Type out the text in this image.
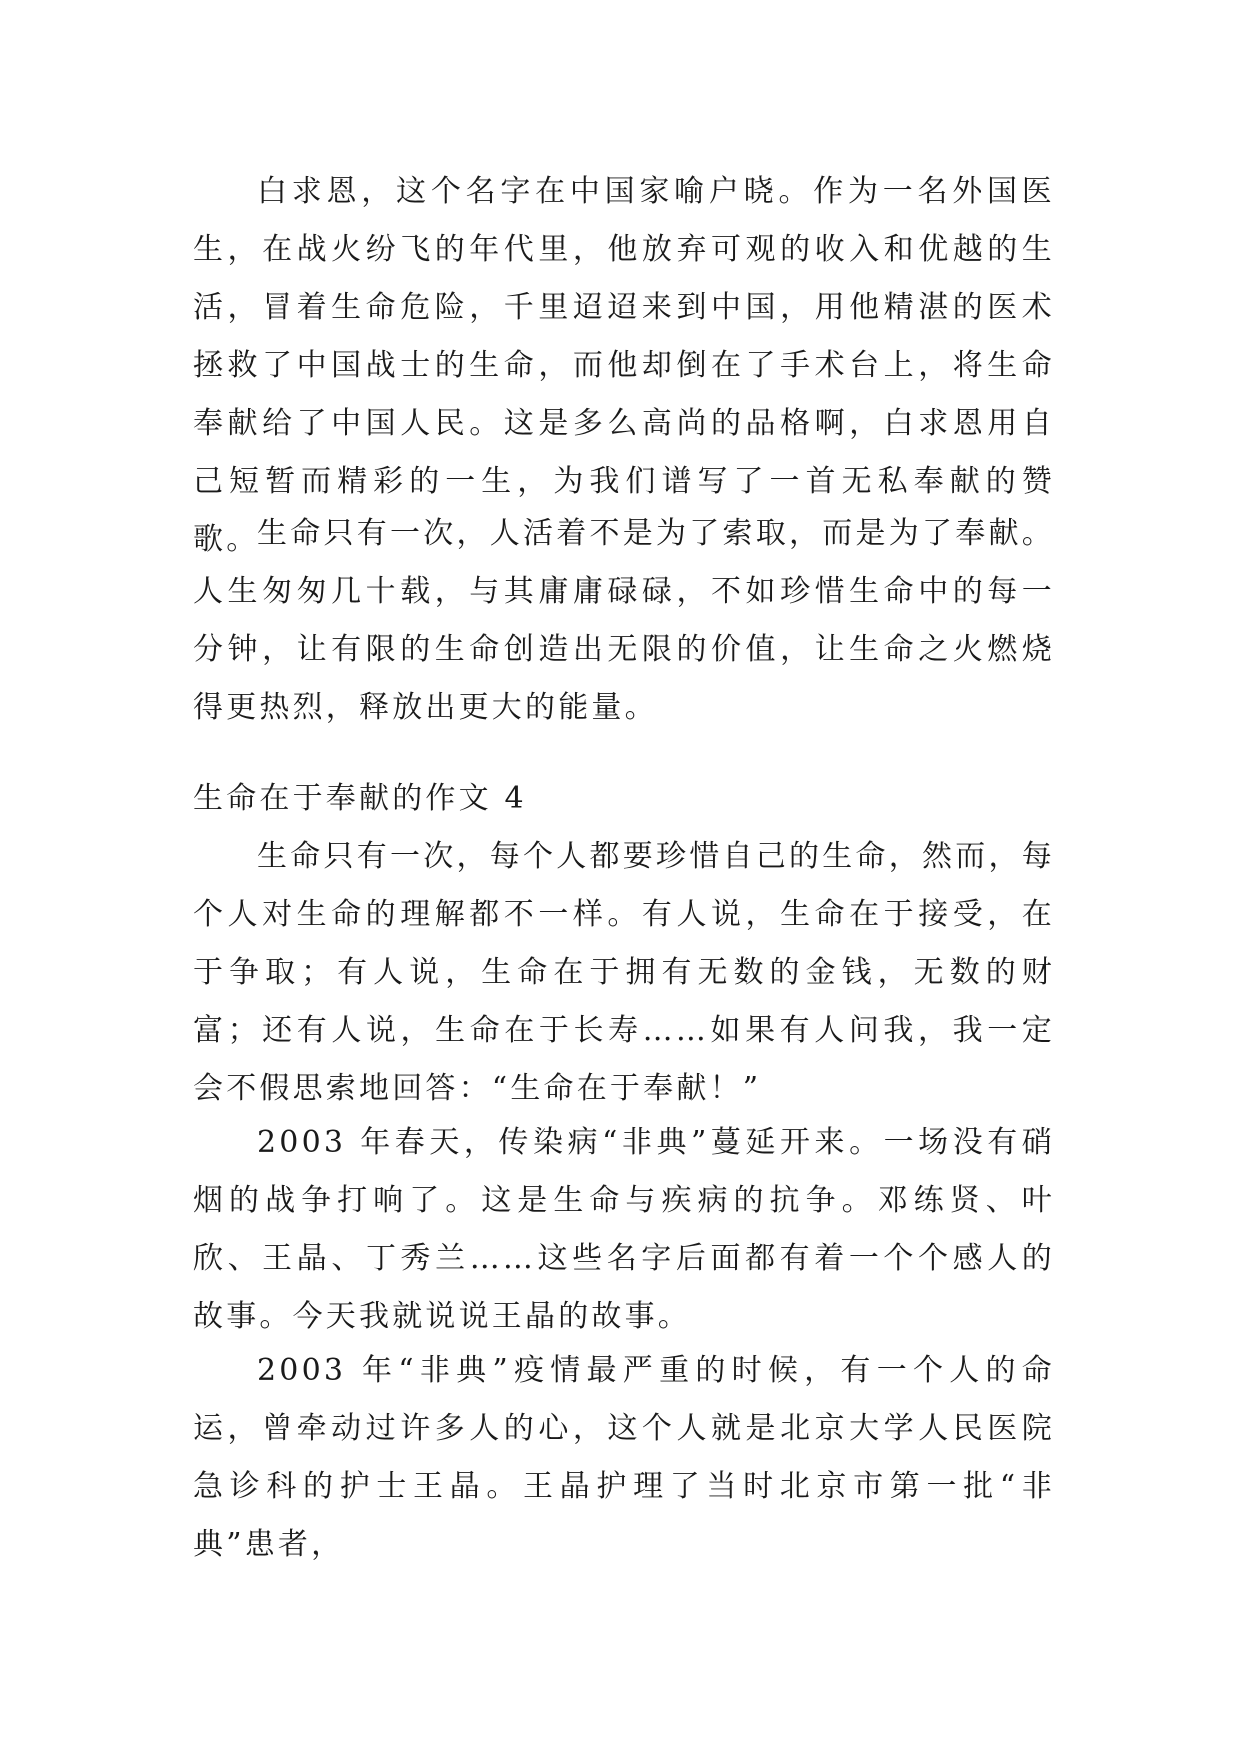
白求恩，这个名字在中国家喻户晓。作为一名外国医生，在战火纷飞的年代里，他放弃可观的收入和优越的生活，冒着生命危险，千里迢迢来到中国，用他精湛的医术拯救了中国战士的生命，而他却倒在了手术台上，将生命奉献给了中国人民。这是多么高尚的品格啊，白求恩用自己短暂而精彩的一生，为我们谱写了一首无私奉献的赞歌。

生命只有一次，人活着不是为了索取，而是为了奉献。人生匆匆几十载，与其庸庸碌碌，不如珍惜生命中的每一分钟，让有限的生命创造出无限的价值，让生命之火燃烧得更热烈，释放出更大的能量。

生命在于奉献的作文 4

生命只有一次，每个人都要珍惜自己的生命，然而，每个人对生命的理解都不一样。有人说，生命在于接受，在于争取；有人说，生命在于拥有无数的金钱，无数的财富；还有人说，生命在于长寿……如果有人问我，我一定会不假思索地回答：“生命在于奉献！”

2003 年春天，传染病“非典”蔓延开来。一场没有硝烟的战争打响了。这是生命与疾病的抗争。邓练贤、叶欣、王晶、丁秀兰……这些名字后面都有着一个个感人的故事。今天我就说说王晶的故事。

2003 年“非典”疫情最严重的时候，有一个人的命运，曾牵动过许多人的心，这个人就是北京大学人民医院急诊科的护士王晶。王晶护理了当时北京市第一批“非典”患者，
